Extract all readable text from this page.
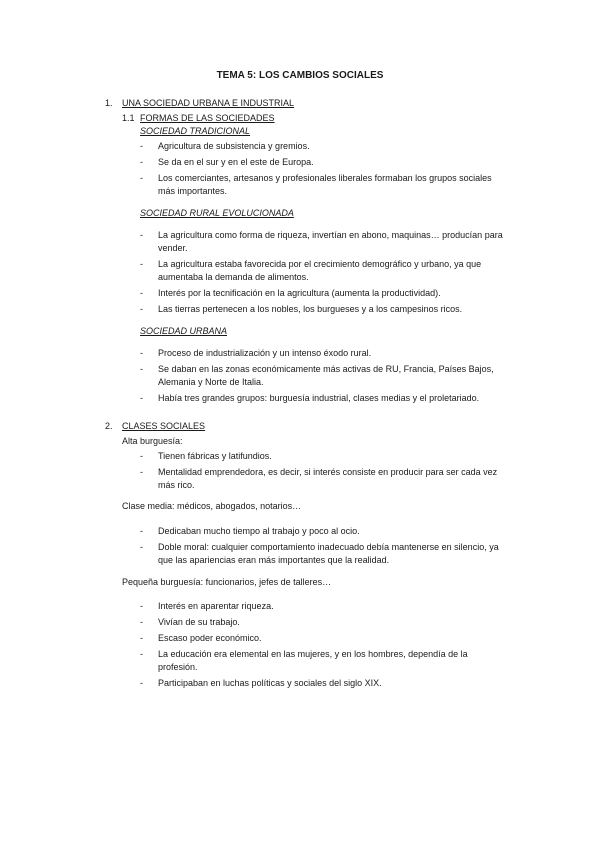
TEMA 5: LOS CAMBIOS SOCIALES
1. UNA SOCIEDAD URBANA E INDUSTRIAL
1.1 FORMAS DE LAS SOCIEDADES
SOCIEDAD TRADICIONAL
- Agricultura de subsistencia y gremios.
- Se da en el sur y en el este de Europa.
- Los comerciantes, artesanos y profesionales liberales formaban los grupos sociales más importantes.
SOCIEDAD RURAL EVOLUCIONADA
- La agricultura como forma de riqueza, invertían en abono, maquinas… producían para vender.
- La agricultura estaba favorecida por el crecimiento demográfico y urbano, ya que aumentaba la demanda de alimentos.
- Interés por la tecnificación en la agricultura (aumenta la productividad).
- Las tierras pertenecen a los nobles, los burgueses y a los campesinos ricos.
SOCIEDAD URBANA
- Proceso de industrialización y un intenso éxodo rural.
- Se daban en las zonas económicamente más activas de RU, Francia, Países Bajos, Alemania y Norte de Italia.
- Había tres grandes grupos: burguesía industrial, clases medias y el proletariado.
2. CLASES SOCIALES
Alta burguesía:
- Tienen fábricas y latifundios.
- Mentalidad emprendedora, es decir, si interés consiste en producir para ser cada vez más rico.
Clase media: médicos, abogados, notarios…
- Dedicaban mucho tiempo al trabajo y poco al ocio.
- Doble moral: cualquier comportamiento inadecuado debía mantenerse en silencio, ya que las apariencias eran más importantes que la realidad.
Pequeña burguesía: funcionarios, jefes de talleres…
- Interés en aparentar riqueza.
- Vivían de su trabajo.
- Escaso poder económico.
- La educación era elemental en las mujeres, y en los hombres, dependía de la profesión.
- Participaban en luchas políticas y sociales del siglo XIX.
